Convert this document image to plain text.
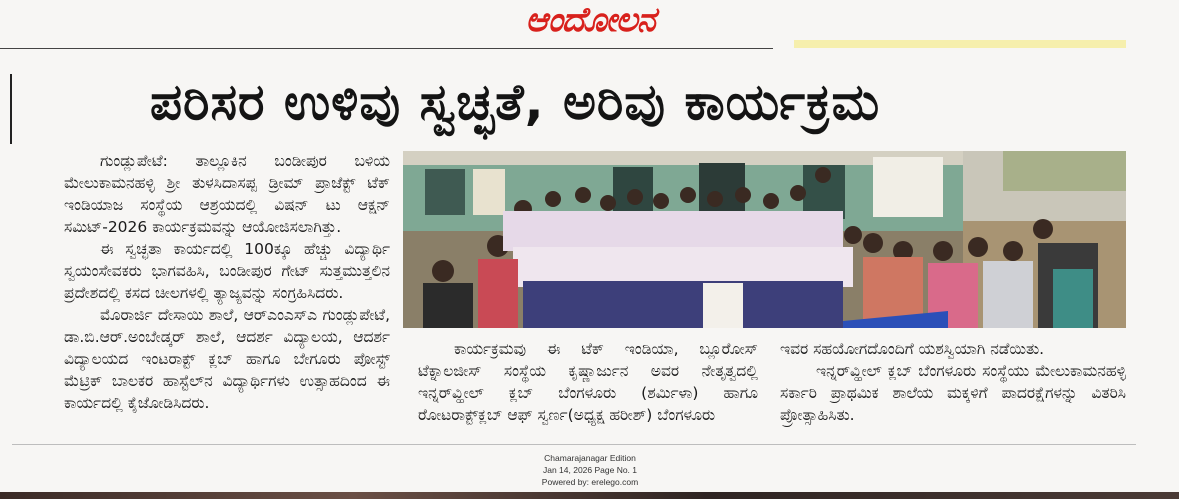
ಆಂದೋಲನ
ಪರಿಸರ ಉಳಿವು ಸ್ವಚ್ಛತೆ, ಅರಿವು ಕಾರ್ಯಕ್ರಮ

ಗುಂಡ್ಲುಪೇಟೆ: ತಾಲ್ಲೂಕಿನ ಬಂಡೀಪುರ ಬಳಿಯ ಮೇಲುಕಾಮನಹಳ್ಳಿ ಶ್ರೀ ತುಳಸಿದಾಸಪ್ಪ ಡ್ರೀಮ್ ಪ್ರಾಜೆಕ್ಟ್ ಟೆಕ್ ಇಂಡಿಯಾಜ ಸಂಸ್ಥೆಯ ಆಶ್ರಯದಲ್ಲಿ ವಿಷನ್ ಟು ಆಕ್ಷನ್ ಸಮಿಟ್-2026 ಕಾರ್ಯಕ್ರಮವನ್ನು ಆಯೋಜಿಸಲಾಗಿತ್ತು.

ಈ ಸ್ವಚ್ಛತಾ ಕಾರ್ಯದಲ್ಲಿ 100ಕ್ಕೂ ಹೆಚ್ಚು ವಿದ್ಯಾರ್ಥಿ ಸ್ವಯಂಸೇವಕರು ಭಾಗವಹಿಸಿ, ಬಂಡೀಪುರ ಗೇಟ್ ಸುತ್ತಮುತ್ತಲಿನ ಪ್ರದೇಶದಲ್ಲಿ ಕಸದ ಚೀಲಗಳಲ್ಲಿ ತ್ಯಾಜ್ಯವನ್ನು ಸಂಗ್ರಹಿಸಿದರು.

ಮೊರಾರ್ಜಿ ದೇಸಾಯಿ ಶಾಲೆ, ಆರ್‌ಎಂಎಸ್‌ಎ ಗುಂಡ್ಲುಪೇಟೆ, ಡಾ.ಬಿ.ಆರ್.ಅಂಬೇಡ್ಕರ್ ಶಾಲೆ, ಆದರ್ಶ ವಿದ್ಯಾಲಯ, ಆದರ್ಶ ವಿದ್ಯಾಲಯದ ಇಂಟರಾಕ್ಟ್ ಕ್ಲಬ್ ಹಾಗೂ ಬೇಗೂರು ಪೋಸ್ಟ್ ಮೆಟ್ರಿಕ್ ಬಾಲಕರ ಹಾಸ್ಟೆಲ್‌ನ ವಿದ್ಯಾರ್ಥಿಗಳು ಉತ್ಸಾಹದಿಂದ ಈ ಕಾರ್ಯದಲ್ಲಿ ಕೈಜೋಡಿಸಿದರು.

ಕಾರ್ಯಕ್ರಮವು ಈ ಟೆಕ್ ಇಂಡಿಯಾ, ಬ್ಲೂರೋಸ್ ಟೆಕ್ನಾಲಜೀಸ್ ಸಂಸ್ಥೆಯ ಕೃಷ್ಣಾರ್ಜುನ ಅವರ ನೇತೃತ್ವದಲ್ಲಿ ಇನ್ನರ್‌ವ್ಹೀಲ್ ಕ್ಲಬ್ ಬೆಂಗಳೂರು (ಶರ್ಮಿಳಾ) ಹಾಗೂ ರೋಟರಾಕ್ಟ್‌ಕ್ಲಬ್ ಆಫ್ ಸ್ವರ್ಣ(ಅಧ್ಯಕ್ಷ ಹರೀಶ್) ಬೆಂಗಳೂರು

ಇವರ ಸಹಯೋಗದೊಂದಿಗೆ ಯಶಸ್ವಿಯಾಗಿ ನಡೆಯಿತು.

ಇನ್ನರ್‌ವ್ಹೀಲ್ ಕ್ಲಬ್ ಬೆಂಗಳೂರು ಸಂಸ್ಥೆಯು ಮೇಲುಕಾಮನಹಳ್ಳಿ ಸರ್ಕಾರಿ ಪ್ರಾಥಮಿಕ ಶಾಲೆಯ ಮಕ್ಕಳಿಗೆ ಪಾದರಕ್ಷೆಗಳನ್ನು ವಿತರಿಸಿ ಪ್ರೋತ್ಸಾಹಿಸಿತು.

Chamarajanagar Edition
Jan 14, 2026 Page No. 1
Powered by: erelego.com
